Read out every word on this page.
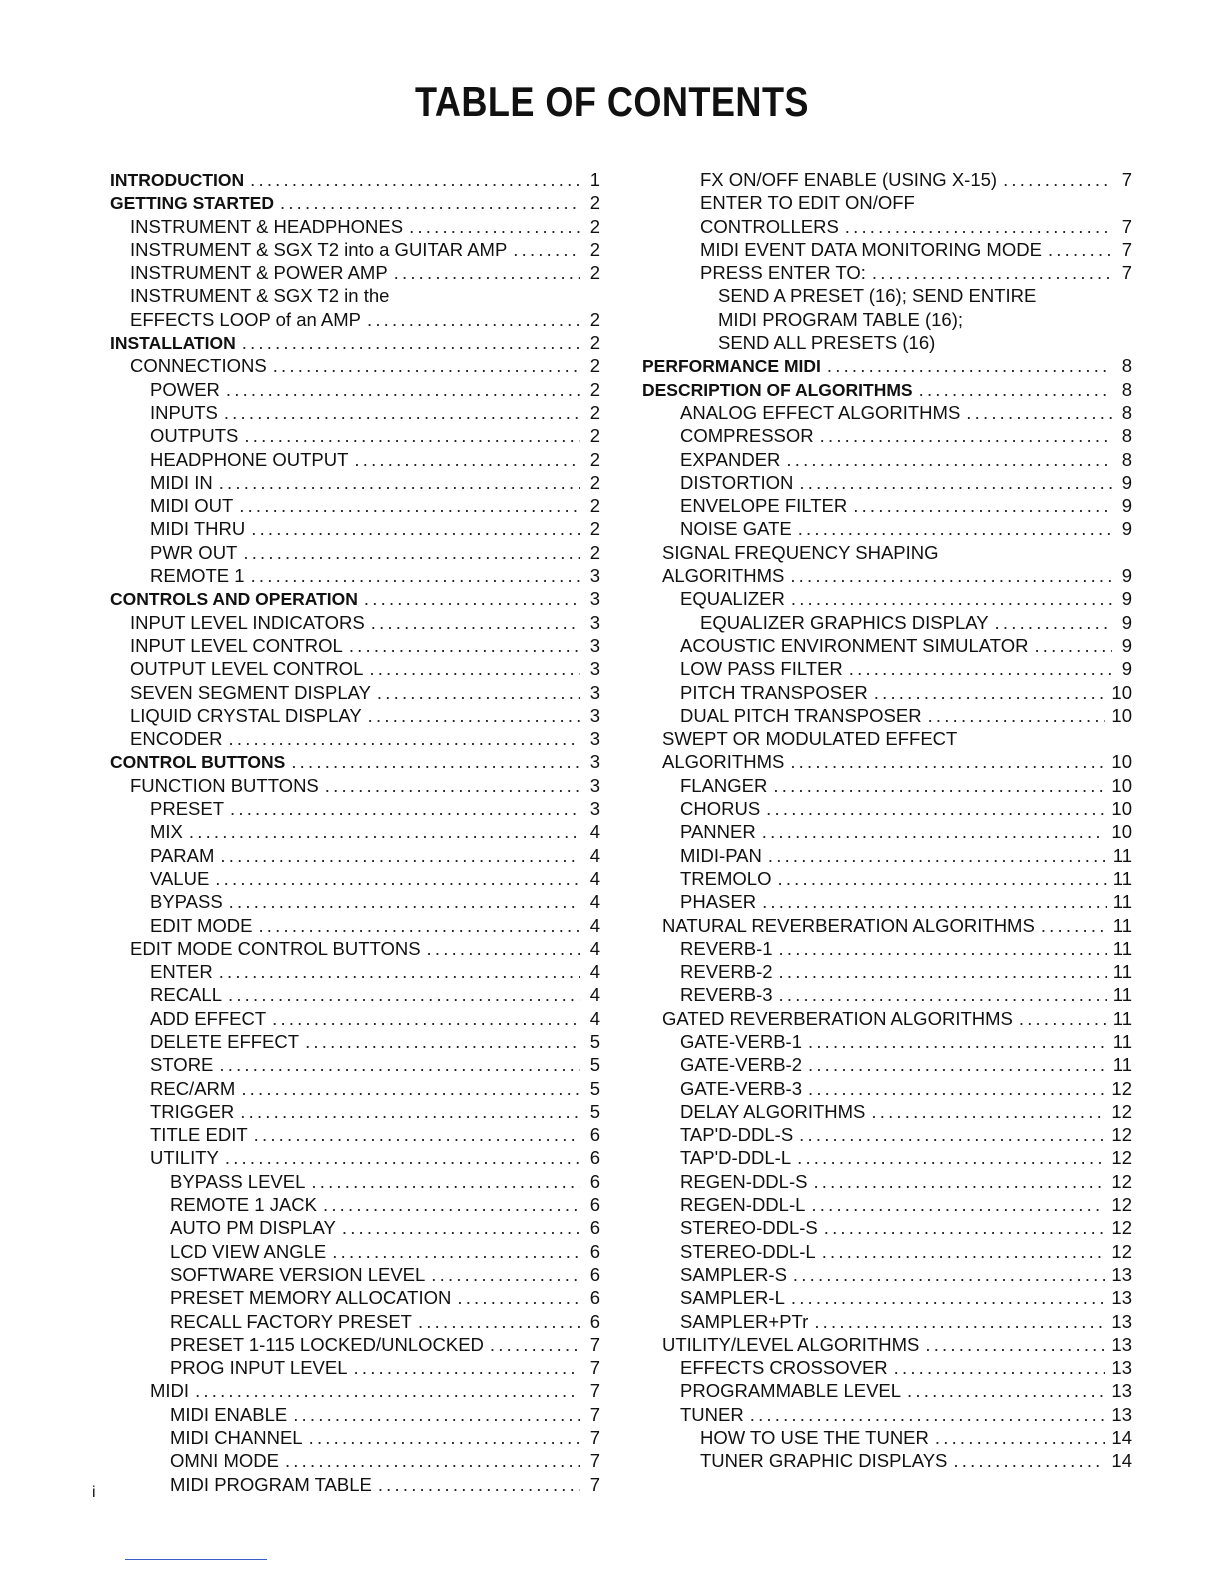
TABLE OF CONTENTS
INTRODUCTION .....	1
GETTING STARTED .....	2
INSTRUMENT & HEADPHONES .....	2
INSTRUMENT & SGX T2 into a GUITAR AMP .....	2
INSTRUMENT & POWER AMP .....	2
INSTRUMENT & SGX T2 in the
EFFECTS LOOP of an AMP .....	2
INSTALLATION .....	2
CONNECTIONS .....	2
POWER .....	2
INPUTS .....	2
OUTPUTS .....	2
HEADPHONE OUTPUT .....	2
MIDI IN .....	2
MIDI OUT .....	2
MIDI THRU .....	2
PWR OUT .....	2
REMOTE 1 .....	3
CONTROLS AND OPERATION .....	3
INPUT LEVEL INDICATORS .....	3
INPUT LEVEL CONTROL .....	3
OUTPUT LEVEL CONTROL .....	3
SEVEN SEGMENT DISPLAY .....	3
LIQUID CRYSTAL DISPLAY .....	3
ENCODER .....	3
CONTROL BUTTONS .....	3
FUNCTION BUTTONS .....	3
PRESET .....	3
MIX .....	4
PARAM .....	4
VALUE .....	4
BYPASS .....	4
EDIT MODE .....	4
EDIT MODE CONTROL BUTTONS .....	4
ENTER .....	4
RECALL .....	4
ADD EFFECT .....	4
DELETE EFFECT .....	5
STORE .....	5
REC/ARM .....	5
TRIGGER .....	5
TITLE EDIT .....	6
UTILITY .....	6
BYPASS LEVEL .....	6
REMOTE 1 JACK .....	6
AUTO PM DISPLAY .....	6
LCD VIEW ANGLE .....	6
SOFTWARE VERSION LEVEL .....	6
PRESET MEMORY ALLOCATION .....	6
RECALL FACTORY PRESET .....	6
PRESET 1-115 LOCKED/UNLOCKED .....	7
PROG INPUT LEVEL .....	7
MIDI .....	7
MIDI ENABLE .....	7
MIDI CHANNEL .....	7
OMNI MODE .....	7
MIDI PROGRAM TABLE .....	7
FX ON/OFF ENABLE (USING X-15) .....	7
ENTER TO EDIT ON/OFF
CONTROLLERS .....	7
MIDI EVENT DATA MONITORING MODE .....	7
PRESS ENTER TO: .....	7
SEND A PRESET (16); SEND ENTIRE
MIDI PROGRAM TABLE (16);
SEND ALL PRESETS (16)
PERFORMANCE MIDI .....	8
DESCRIPTION OF ALGORITHMS .....	8
ANALOG EFFECT ALGORITHMS .....	8
COMPRESSOR .....	8
EXPANDER .....	8
DISTORTION .....	9
ENVELOPE FILTER .....	9
NOISE GATE .....	9
SIGNAL FREQUENCY SHAPING
ALGORITHMS .....	9
EQUALIZER .....	9
EQUALIZER GRAPHICS DISPLAY .....	9
ACOUSTIC ENVIRONMENT SIMULATOR .....	9
LOW PASS FILTER .....	9
PITCH TRANSPOSER .....	10
DUAL PITCH TRANSPOSER .....	10
SWEPT OR MODULATED EFFECT
ALGORITHMS .....	10
FLANGER .....	10
CHORUS .....	10
PANNER .....	10
MIDI-PAN .....	11
TREMOLO .....	11
PHASER .....	11
NATURAL REVERBERATION ALGORITHMS .....	11
REVERB-1 .....	11
REVERB-2 .....	11
REVERB-3 .....	11
GATED REVERBERATION ALGORITHMS .....	11
GATE-VERB-1 .....	11
GATE-VERB-2 .....	11
GATE-VERB-3 .....	12
DELAY ALGORITHMS .....	12
TAP'D-DDL-S .....	12
TAP'D-DDL-L .....	12
REGEN-DDL-S .....	12
REGEN-DDL-L .....	12
STEREO-DDL-S .....	12
STEREO-DDL-L .....	12
SAMPLER-S .....	13
SAMPLER-L .....	13
SAMPLER+PTr .....	13
UTILITY/LEVEL ALGORITHMS .....	13
EFFECTS CROSSOVER .....	13
PROGRAMMABLE LEVEL .....	13
TUNER .....	13
HOW TO USE THE TUNER .....	14
TUNER GRAPHIC DISPLAYS .....	14
i
